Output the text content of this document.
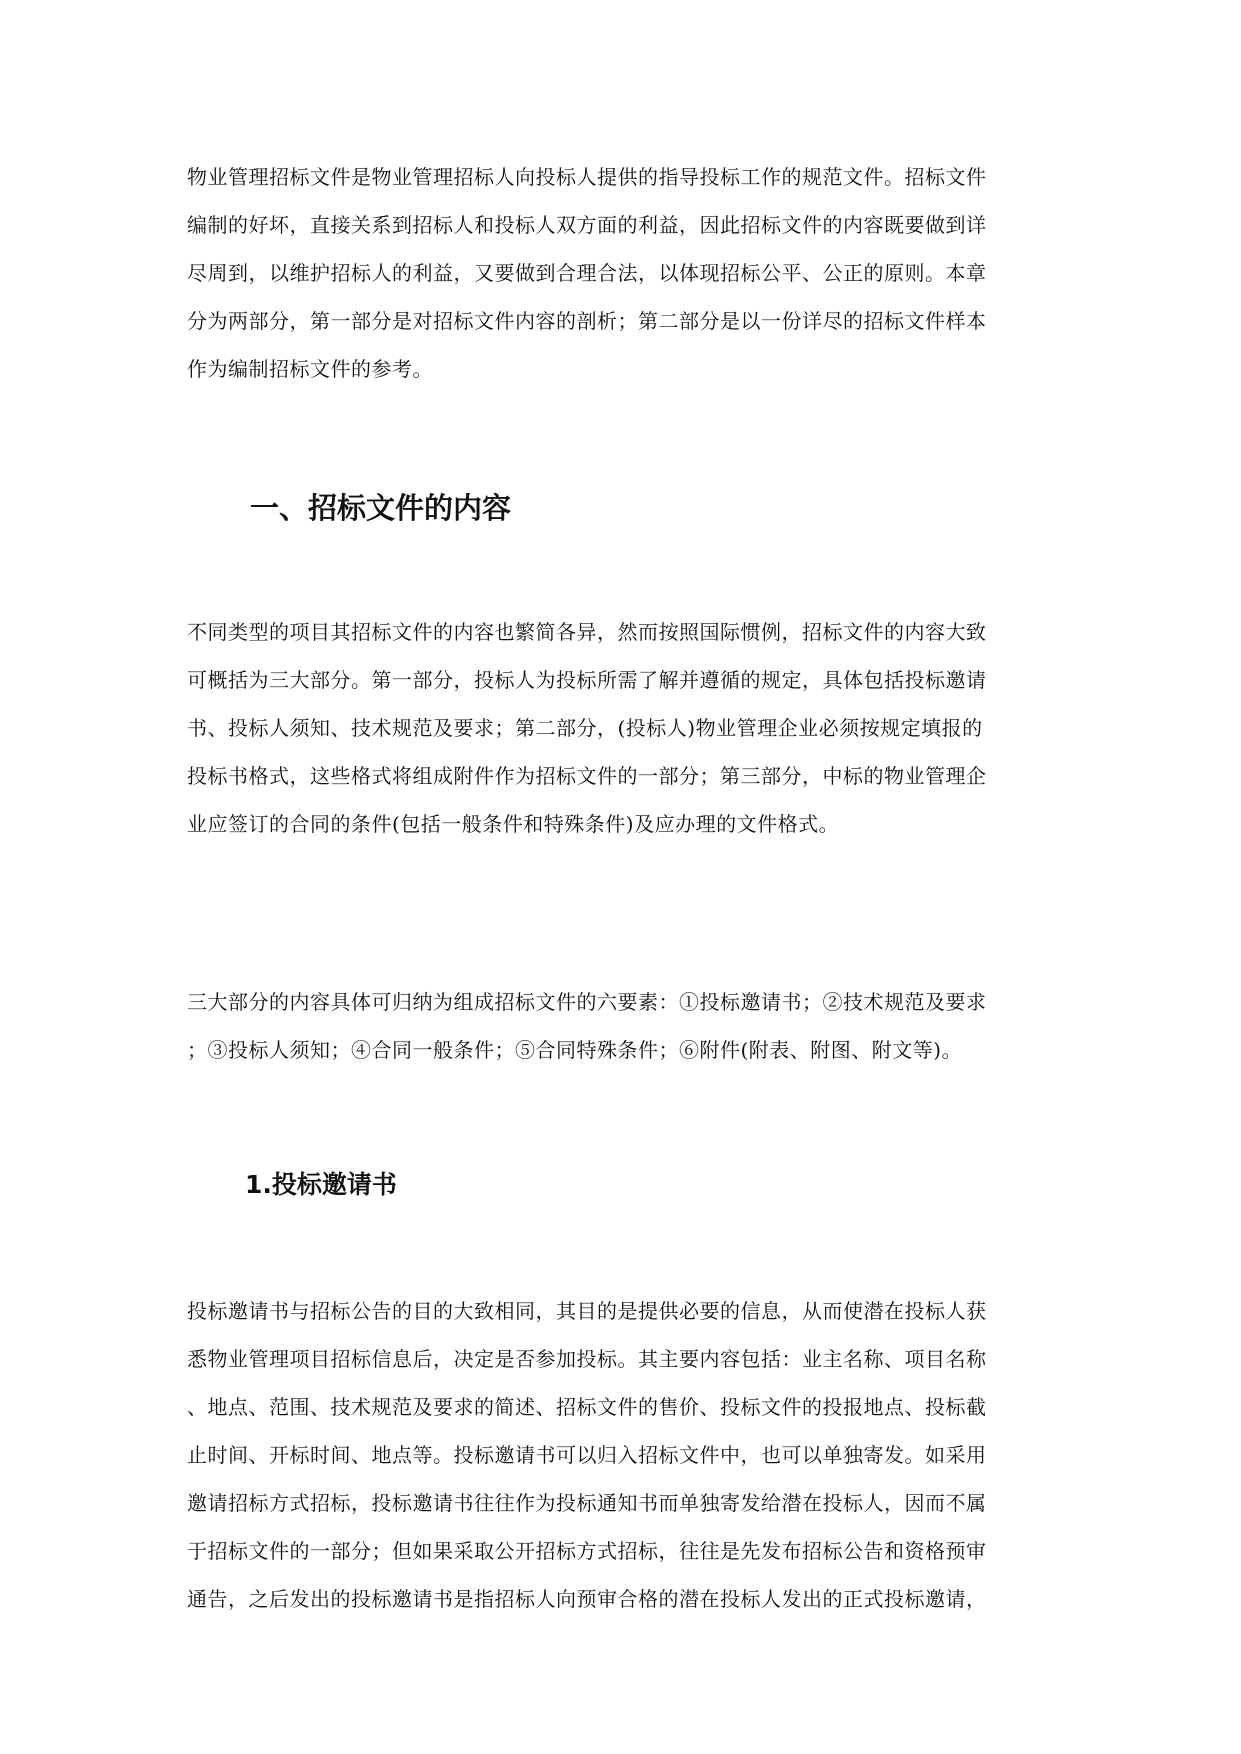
物业管理招标文件是物业管理招标人向投标人提供的指导投标工作的规范文件。招标文件
编制的好坏，直接关系到招标人和投标人双方面的利益，因此招标文件的内容既要做到详
尽周到，以维护招标人的利益，又要做到合理合法，以体现招标公平、公正的原则。本章
分为两部分，第一部分是对招标文件内容的剖析；第二部分是以一份详尽的招标文件样本
作为编制招标文件的参考。

一、招标文件的内容

不同类型的项目其招标文件的内容也繁简各异，然而按照国际惯例，招标文件的内容大致
可概括为三大部分。第一部分，投标人为投标所需了解并遵循的规定，具体包括投标邀请
书、投标人须知、技术规范及要求；第二部分，(投标人)物业管理企业必须按规定填报的
投标书格式，这些格式将组成附件作为招标文件的一部分；第三部分，中标的物业管理企
业应签订的合同的条件(包括一般条件和特殊条件)及应办理的文件格式。

三大部分的内容具体可归纳为组成招标文件的六要素：①投标邀请书；②技术规范及要求
；③投标人须知；④合同一般条件；⑤合同特殊条件；⑥附件(附表、附图、附文等)。

1.投标邀请书

投标邀请书与招标公告的目的大致相同，其目的是提供必要的信息，从而使潜在投标人获
悉物业管理项目招标信息后，决定是否参加投标。其主要内容包括：业主名称、项目名称
、地点、范围、技术规范及要求的简述、招标文件的售价、投标文件的投报地点、投标截
止时间、开标时间、地点等。投标邀请书可以归入招标文件中，也可以单独寄发。如采用
邀请招标方式招标，投标邀请书往往作为投标通知书而单独寄发给潜在投标人，因而不属
于招标文件的一部分；但如果采取公开招标方式招标，往往是先发布招标公告和资格预审
通告，之后发出的投标邀请书是指招标人向预审合格的潜在投标人发出的正式投标邀请，
